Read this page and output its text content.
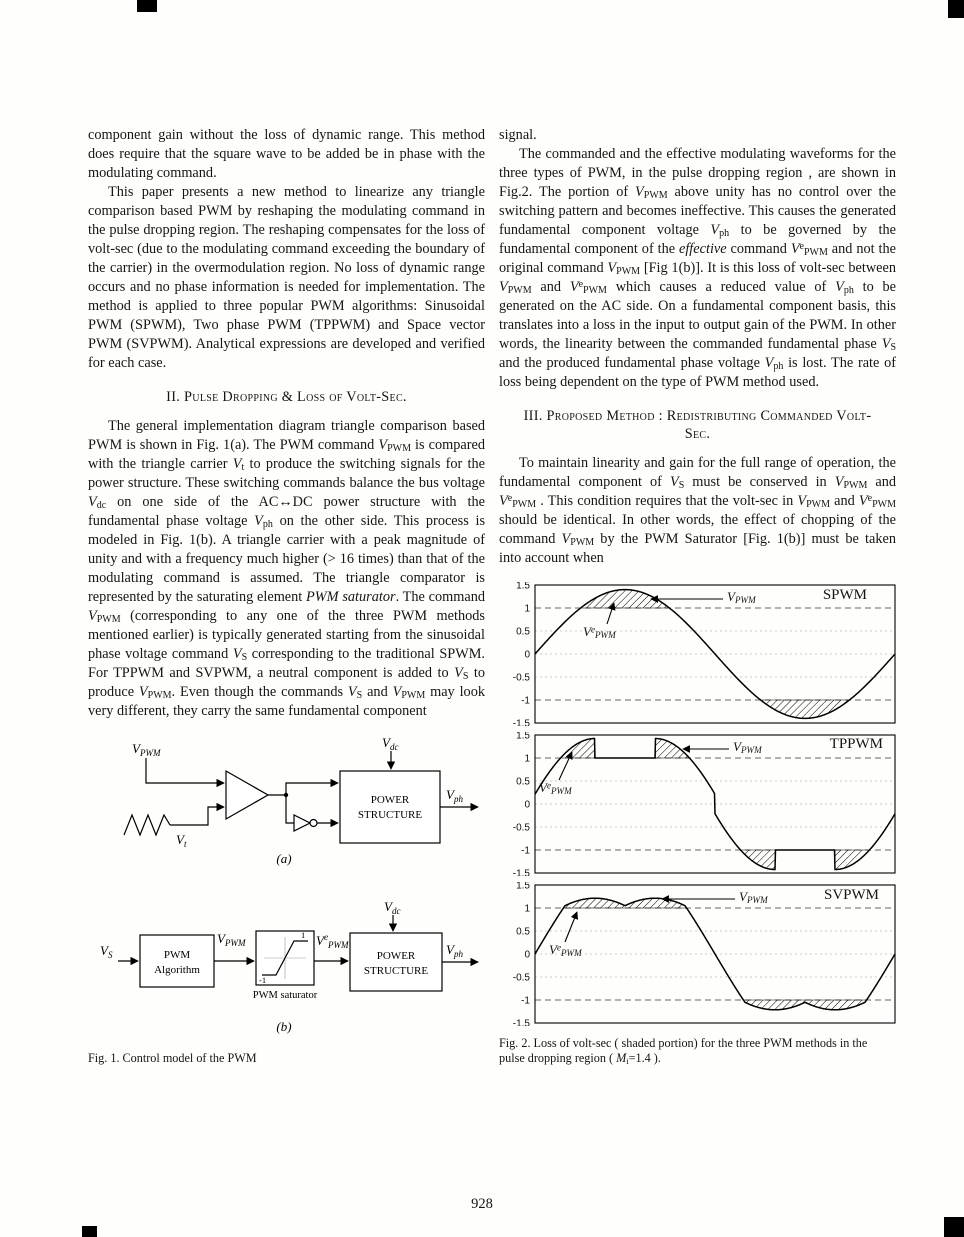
component gain without the loss of dynamic range. This method does require that the square wave to be added be in phase with the modulating command.

This paper presents a new method to linearize any triangle comparison based PWM by reshaping the modulating command in the pulse dropping region. The reshaping compensates for the loss of volt-sec (due to the modulating command exceeding the boundary of the carrier) in the overmodulation region. No loss of dynamic range occurs and no phase information is needed for implementation. The method is applied to three popular PWM algorithms: Sinusoidal PWM (SPWM), Two phase PWM (TPPWM) and Space vector PWM (SVPWM). Analytical expressions are developed and verified for each case.

II. Pulse Dropping & Loss of Volt-Sec.

The general implementation diagram triangle comparison based PWM is shown in Fig. 1(a). The PWM command $V_{PWM}$ is compared with the triangle carrier $V_t$ to produce the switching signals for the power structure. These switching commands balance the bus voltage $V_{dc}$ on one side of the AC↔DC power structure with the fundamental phase voltage $V_{ph}$ on the other side. This process is modeled in Fig. 1(b). A triangle carrier with a peak magnitude of unity and with a frequency much higher (> 16 times) than that of the modulating command is assumed. The triangle comparator is represented by the saturating element PWM saturator. The command $V_{PWM}$ (corresponding to any one of the three PWM methods mentioned earlier) is typically generated starting from the sinusoidal phase voltage command $V_S$ corresponding to the traditional SPWM. For TPPWM and SVPWM, a neutral component is added to $V_S$ to produce $V_{PWM}$. Even though the commands $V_S$ and $V_{PWM}$ may look very different, they carry the same fundamental component

$V_{PWM}$
$V_t$
POWER
STRUCTURE
$V_{dc}$
$V_{ph}$
(a)
$V_S$	PWM
Algorithm
$V_{PWM}$
1
-1
PWM saturator
$V^e_{PWM}$
POWER
STRUCTURE
$V_{dc}$
$V_{ph}$
(b)
Fig. 1. Control model of the PWM

signal.

The commanded and the effective modulating waveforms for the three types of PWM, in the pulse dropping region , are shown in Fig.2. The portion of $V_{PWM}$ above unity has no control over the switching pattern and becomes ineffective. This causes the generated fundamental component voltage $V_{ph}$ to be governed by the fundamental component of the effective command $V^e_{PWM}$ and not the original command $V_{PWM}$ [Fig 1(b)]. It is this loss of volt-sec between $V_{PWM}$ and $V^e_{PWM}$ which causes a reduced value of $V_{ph}$ to be generated on the AC side. On a fundamental component basis, this translates into a loss in the input to output gain of the PWM. In other words, the linearity between the commanded fundamental phase $V_S$ and the produced fundamental phase voltage $V_{ph}$ is lost. The rate of loss being dependent on the type of PWM method used.

III. Proposed Method : Redistributing Commanded Volt-Sec.

To maintain linearity and gain for the full range of operation, the fundamental component of $V_S$ must be conserved in $V_{PWM}$ and $V^e_{PWM}$ . This condition requires that the volt-sec in $V_{PWM}$ and $V^e_{PWM}$ should be identical. In other words, the effect of chopping of the command $V_{PWM}$ by the PWM Saturator [Fig. 1(b)] must be taken into account when

1.5
1
0.5
0
-0.5
-1
-1.5
SPWM
$V_{PWM}$
$V^e_{PWM}$
1.5
1
0.5
0
-0.5
-1
-1.5
TPPWM
$V_{PWM}$
$V^e_{PWM}$
1.5
1
0.5
0
-0.5
-1
-1.5
SVPWM
$V_{PWM}$
$V^e_{PWM}$
Fig. 2. Loss of volt-sec ( shaded portion) for the three PWM methods in the pulse dropping region ( $M_i=1.4$ ).
928
